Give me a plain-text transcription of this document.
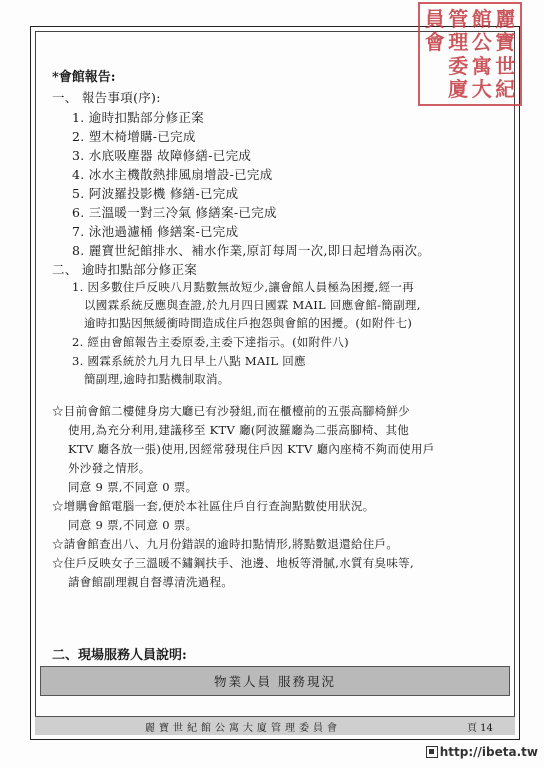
員 管 館 麗
會 理 公 寶
委 寓 世
廈 大 紀
*會館報告:
一、 報告事項(序):
1. 逾時扣點部分修正案
2. 塑木椅增購-已完成
3. 水底吸塵器 故障修繕-已完成
4. 冰水主機散熱排風扇增設-已完成
5. 阿波羅投影機 修繕-已完成
6. 三溫暖一對三冷氣 修繕案-已完成
7. 泳池過濾桶 修繕案-已完成
8. 麗寶世紀館排水、補水作業,原訂每周一次,即日起增為兩次。
二、 逾時扣點部分修正案
1. 因多數住戶反映八月點數無故短少,讓會館人員極為困擾,經一再
以國霖系統反應與查證,於九月四日國霖 MAIL 回應會館-簡副理,
逾時扣點因無緩衝時間造成住戶抱怨與會館的困擾。(如附件七)
2. 經由會館報告主委原委,主委下達指示。(如附件八)
3. 國霖系統於九月九日早上八點 MAIL 回應
簡副理,逾時扣點機制取消。
☆目前會館二樓健身房大廳已有沙發組,而在櫃檯前的五張高腳椅鮮少
使用,為充分利用,建議移至 KTV 廳(阿波羅廳為二張高腳椅、其他
KTV 廳各放一張)使用,因經常發現住戶因 KTV 廳內座椅不夠而使用戶
外沙發之情形。
同意 9 票,不同意 0 票。
☆增購會館電腦一套,便於本社區住戶自行查詢點數使用狀況。
同意 9 票,不同意 0 票。
☆請會館查出八、九月份錯誤的逾時扣點情形,將點數退還給住戶。
☆住戶反映女子三溫暖不鏽鋼扶手、池邊、地板等滑膩,水質有臭味等,
請會館副理親自督導清洗過程。
二、現場服務人員說明:
物業人員 服務現況
麗寶世紀館公寓大廈管理委員會	頁 14
http://ibeta.tw
